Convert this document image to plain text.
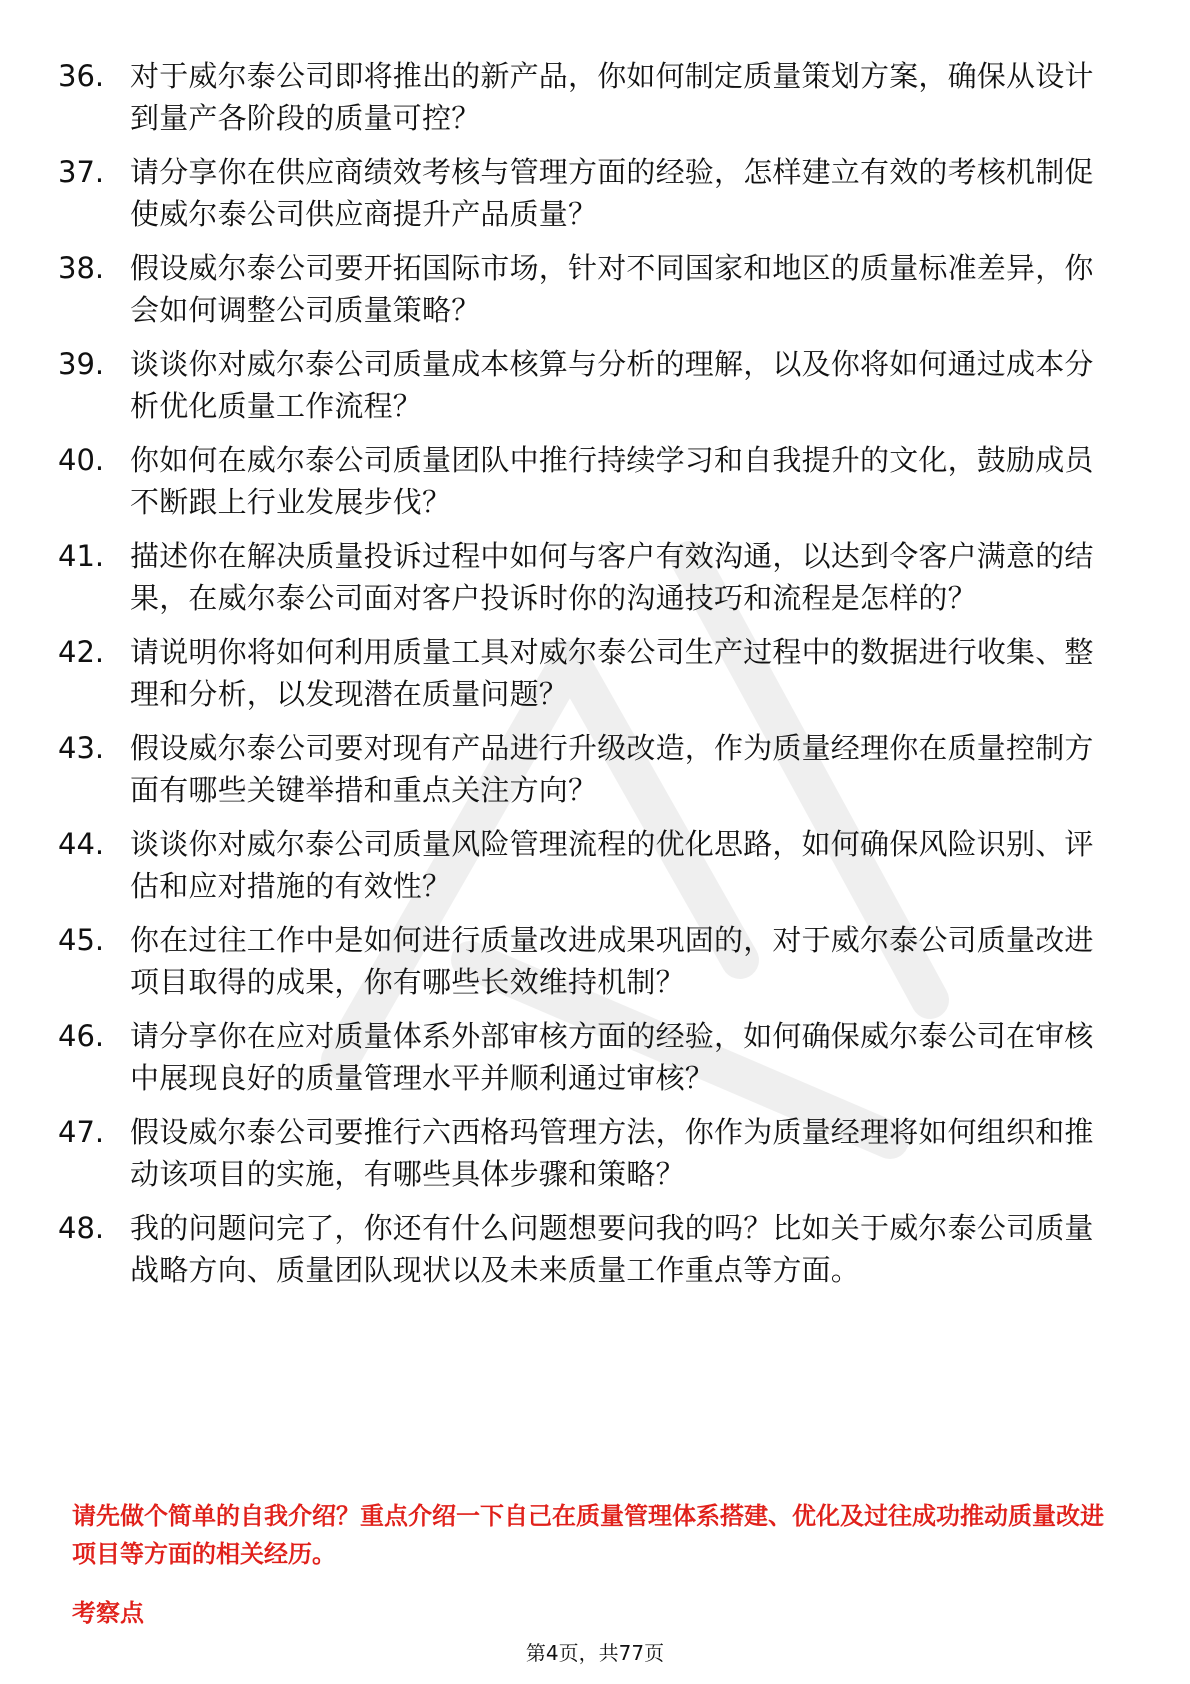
36. 对于威尔泰公司即将推出的新产品，你如何制定质量策划方案，确保从设计到量产各阶段的质量可控？
37. 请分享你在供应商绩效考核与管理方面的经验，怎样建立有效的考核机制促使威尔泰公司供应商提升产品质量？
38. 假设威尔泰公司要开拓国际市场，针对不同国家和地区的质量标准差异，你会如何调整公司质量策略？
39. 谈谈你对威尔泰公司质量成本核算与分析的理解，以及你将如何通过成本分析优化质量工作流程？
40. 你如何在威尔泰公司质量团队中推行持续学习和自我提升的文化，鼓励成员不断跟上行业发展步伐？
41. 描述你在解决质量投诉过程中如何与客户有效沟通，以达到令客户满意的结果，在威尔泰公司面对客户投诉时你的沟通技巧和流程是怎样的？
42. 请说明你将如何利用质量工具对威尔泰公司生产过程中的数据进行收集、整理和分析，以发现潜在质量问题？
43. 假设威尔泰公司要对现有产品进行升级改造，作为质量经理你在质量控制方面有哪些关键举措和重点关注方向？
44. 谈谈你对威尔泰公司质量风险管理流程的优化思路，如何确保风险识别、评估和应对措施的有效性？
45. 你在过往工作中是如何进行质量改进成果巩固的，对于威尔泰公司质量改进项目取得的成果，你有哪些长效维持机制？
46. 请分享你在应对质量体系外部审核方面的经验，如何确保威尔泰公司在审核中展现良好的质量管理水平并顺利通过审核？
47. 假设威尔泰公司要推行六西格玛管理方法，你作为质量经理将如何组织和推动该项目的实施，有哪些具体步骤和策略？
48. 我的问题问完了，你还有什么问题想要问我的吗？比如关于威尔泰公司质量战略方向、质量团队现状以及未来质量工作重点等方面。
请先做个简单的自我介绍？重点介绍一下自己在质量管理体系搭建、优化及过往成功推动质量改进项目等方面的相关经历。
考察点
第4页，共77页
